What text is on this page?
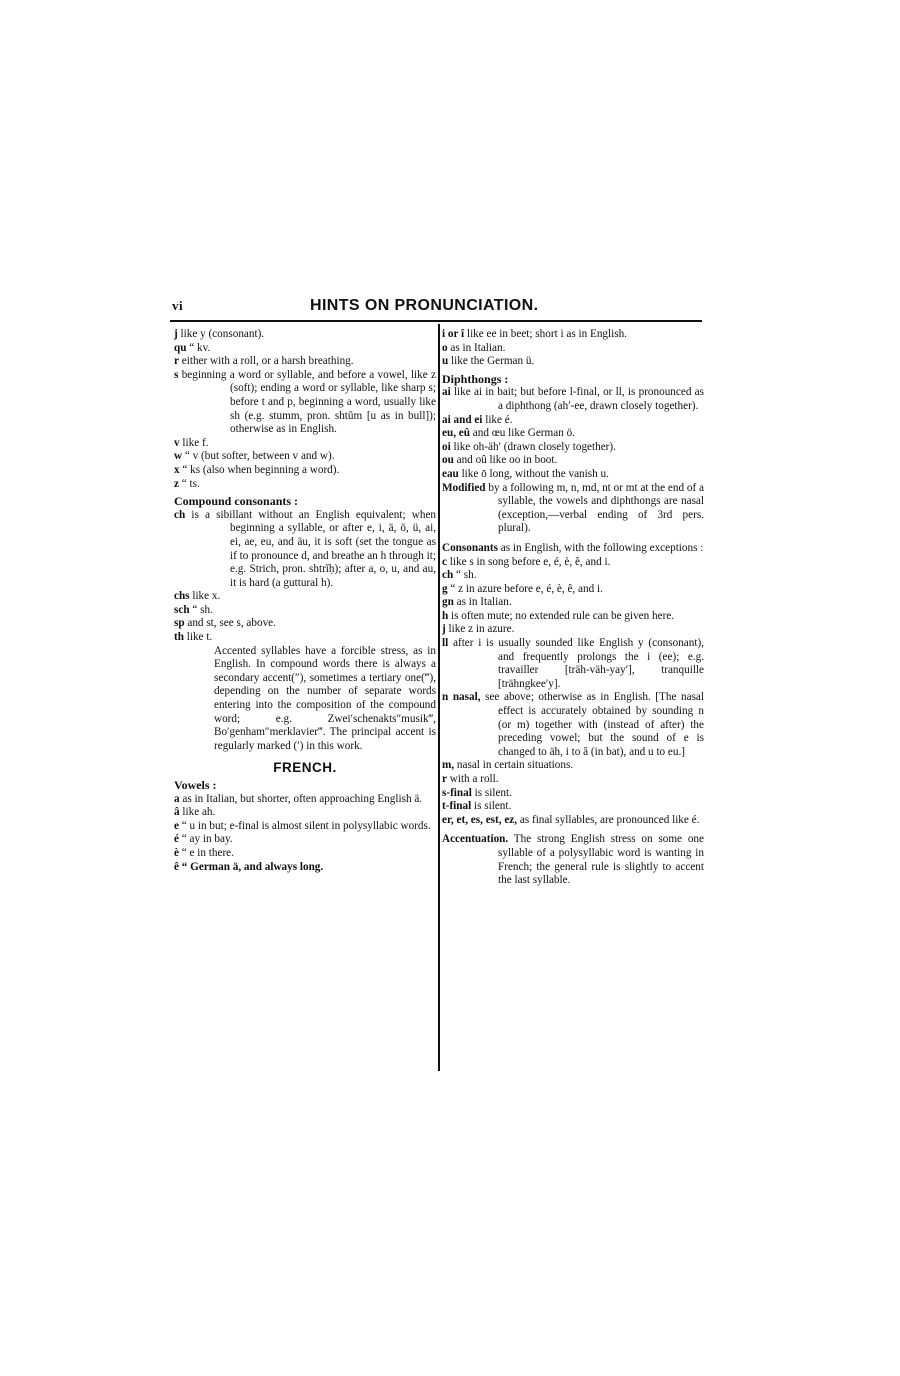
vi	HINTS ON PRONUNCIATION.
j like y (consonant).
qu “ kv.
r either with a roll, or a harsh breathing.
s beginning a word or syllable, and before a vowel, like z (soft); ending a word or syllable, like sharp s; before t and p, beginning a word, usually like sh (e.g. stumm, pron. shtŭm [u as in bull]); otherwise as in English.
v like f.
w “ v (but softer, between v and w).
x “ ks (also when beginning a word).
z “ ts.
Compound consonants :
ch is a sibillant without an English equivalent; when beginning a syllable, or after e, i, ä, ö, ü, ai, ei, ae, eu, and äu, it is soft (set the tongue as if to pronounce d, and breathe an h through it; e.g. Strich, pron. shtrĭḥ); after a, o, u, and au, it is hard (a guttural h).
chs like x.
sch “ sh.
sp and st, see s, above.
th like t.
Accented syllables have a forcible stress, as in English. In compound words there is always a secondary accent(″), sometimes a tertiary one(‴), depending on the number of separate words entering into the composition of the compound word; e.g. Zwei′schenakts″musik‴, Bo′genham″merklavier‴. The principal accent is regularly marked (′) in this work.
FRENCH.
Vowels :
a as in Italian, but shorter, often approaching English ä.
â like ah.
e “ u in but; e-final is almost silent in polysyllabic words.
é “ ay in bay.
è “ e in there.
ê “ German ä, and always long.
i or î like ee in beet; short i as in English.
o as in Italian.
u like the German ü.
Diphthongs :
ai like ai in bait; but before l-final, or ll, is pronounced as a diphthong (ah′-ee, drawn closely together).
ai and ei like é.
eu, eû and œu like German ö.
oi like oh-äh′ (drawn closely together).
ou and oû like oo in boot.
eau like ō long, without the vanish u.
Modified by a following m, n, md, nt or mt at the end of a syllable, the vowels and diphthongs are nasal (exception,—verbal ending of 3rd pers. plural).
Consonants as in English, with the following exceptions :
c like s in song before e, é, è, ê, and i.
ch “ sh.
g “ z in azure before e, é, è, ê, and i.
gn as in Italian.
h is often mute; no extended rule can be given here.
j like z in azure.
ll after i is usually sounded like English y (consonant), and frequently prolongs the i (ee); e.g. travailler [träh-väh-yay′], tranquille [trähngkee′y].
n nasal, see above; otherwise as in English. [The nasal effect is accurately obtained by sounding n (or m) together with (instead of after) the preceding vowel; but the sound of e is changed to äh, i to ă (in bat), and u to eu.]
m, nasal in certain situations.
r with a roll.
s-final is silent.
t-final is silent.
er, et, es, est, ez, as final syllables, are pronounced like é.
Accentuation. The strong English stress on some one syllable of a polysyllabic word is wanting in French; the general rule is slightly to accent the last syllable.
